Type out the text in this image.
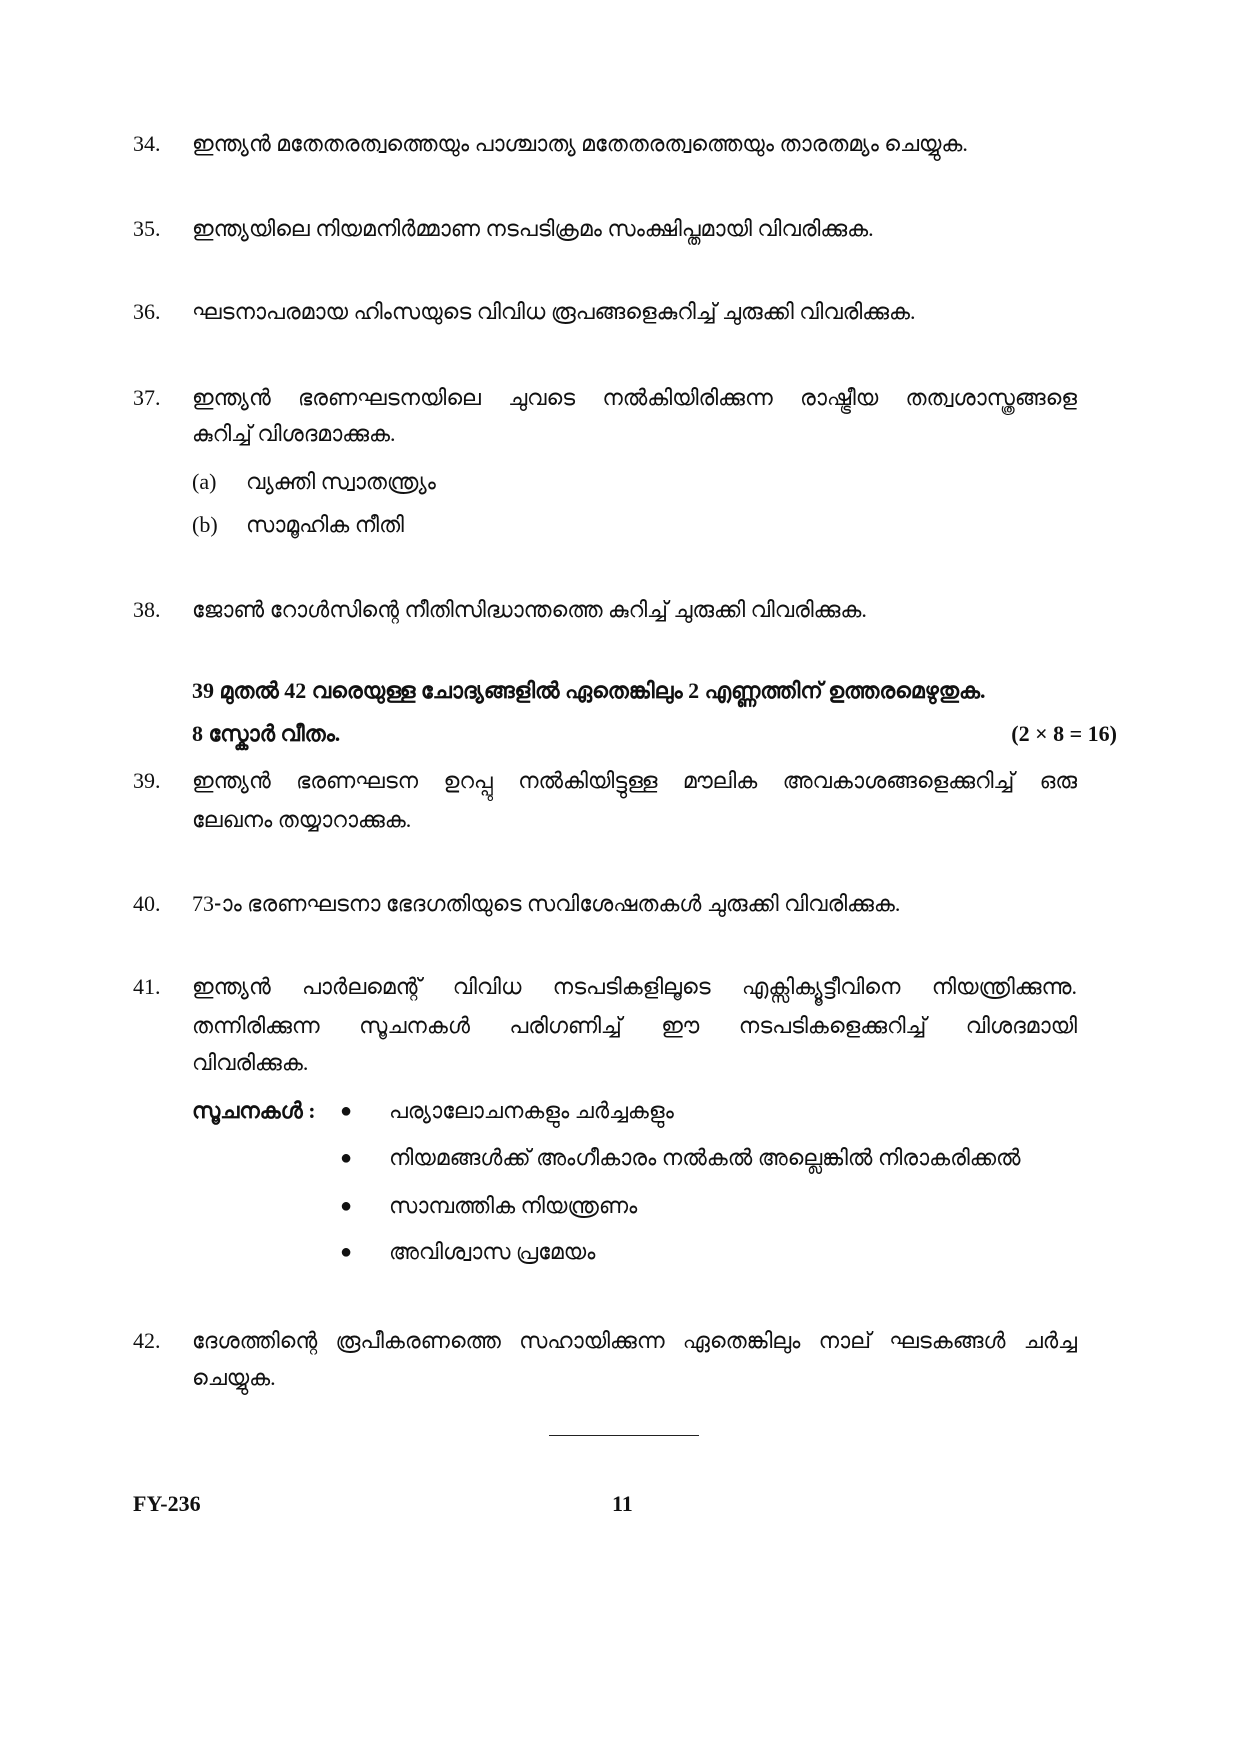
34. ഇന്ത്യൻ മതേതരത്വത്തെയും പാശ്ചാത്യ മതേതരത്വത്തെയും താരതമ്യം ചെയ്യുക.
35. ഇന്ത്യയിലെ നിയമനിർമ്മാണ നടപടിക്രമം സംക്ഷിപ്തമായി വിവരിക്കുക.
36. ഘടനാപരമായ ഹിംസയുടെ വിവിധ രൂപങ്ങളെകുറിച്ച് ചുരുക്കി വിവരിക്കുക.
37. ഇന്ത്യൻ ഭരണഘടനയിലെ ചുവടെ നൽകിയിരിക്കുന്ന രാഷ്ട്രീയ തത്വശാസ്ത്രങ്ങളെ
കുറിച്ച് വിശദമാക്കുക.
(a) വ്യക്തി സ്വാതന്ത്ര്യം
(b) സാമൂഹിക നീതി
38. ജോൺ റോൾസിന്റെ നീതിസിദ്ധാന്തത്തെ കുറിച്ച് ചുരുക്കി വിവരിക്കുക.
39 മുതൽ 42 വരെയുള്ള ചോദ്യങ്ങളിൽ ഏതെങ്കിലും 2 എണ്ണത്തിന് ഉത്തരമെഴുതുക.
8 സ്കോർ വീതം.	(2 × 8 = 16)
39. ഇന്ത്യൻ ഭരണഘടന ഉറപ്പു നൽകിയിട്ടുള്ള മൗലിക അവകാശങ്ങളെക്കുറിച്ച് ഒരു
ലേഖനം തയ്യാറാക്കുക.
40. 73-ാം ഭരണഘടനാ ഭേദഗതിയുടെ സവിശേഷതകൾ ചുരുക്കി വിവരിക്കുക.
41. ഇന്ത്യൻ പാർലമെന്റ് വിവിധ നടപടികളിലൂടെ എക്സിക്യൂട്ടീവിനെ നിയന്ത്രിക്കുന്നു.
തന്നിരിക്കുന്ന സൂചനകൾ പരിഗണിച്ച് ഈ നടപടികളെക്കുറിച്ച് വിശദമായി
വിവരിക്കുക.
സൂചനകൾ : ● പര്യാലോചനകളും ചർച്ചകളും
● നിയമങ്ങൾക്ക് അംഗീകാരം നൽകൽ അല്ലെങ്കിൽ നിരാകരിക്കൽ
● സാമ്പത്തിക നിയന്ത്രണം
● അവിശ്വാസ പ്രമേയം
42. ദേശത്തിന്റെ രൂപീകരണത്തെ സഹായിക്കുന്ന ഏതെങ്കിലും നാല് ഘടകങ്ങൾ ചർച്ച
ചെയ്യുക.
FY-236	11
